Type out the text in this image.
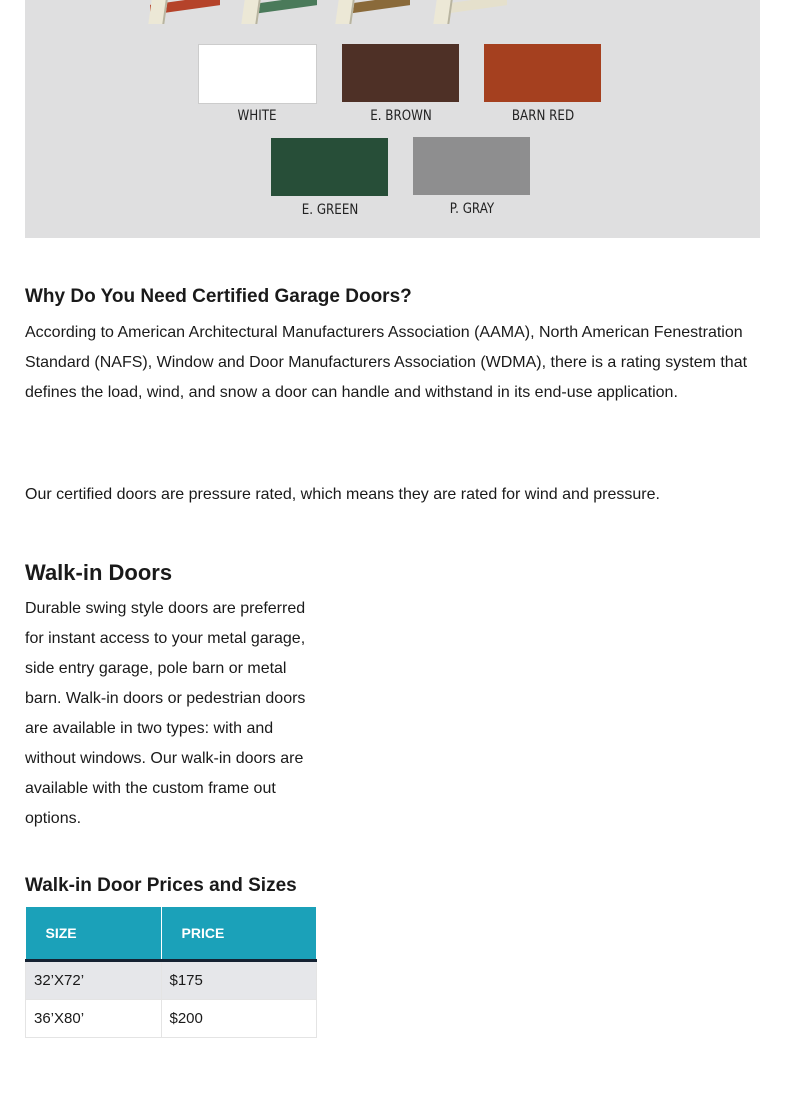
WHITE	E. BROWN	BARN RED
E. GREEN	P. GRAY
Why Do You Need Certified Garage Doors?

According to American Architectural Manufacturers Association (AAMA), North American Fenestration Standard (NAFS), Window and Door Manufacturers Association (WDMA), there is a rating system that defines the load, wind, and snow a door can handle and withstand in its end-use application.

Our certified doors are pressure rated, which means they are rated for wind and pressure.

Walk-in Doors

Durable swing style doors are preferred for instant access to your metal garage, side entry garage, pole barn or metal barn. Walk-in doors or pedestrian doors are available in two types: with and without windows. Our walk-in doors are available with the custom frame out options.

Walk-in Door Prices and Sizes
SIZE	PRICE
32’X72’	$175
36’X80’	$200
